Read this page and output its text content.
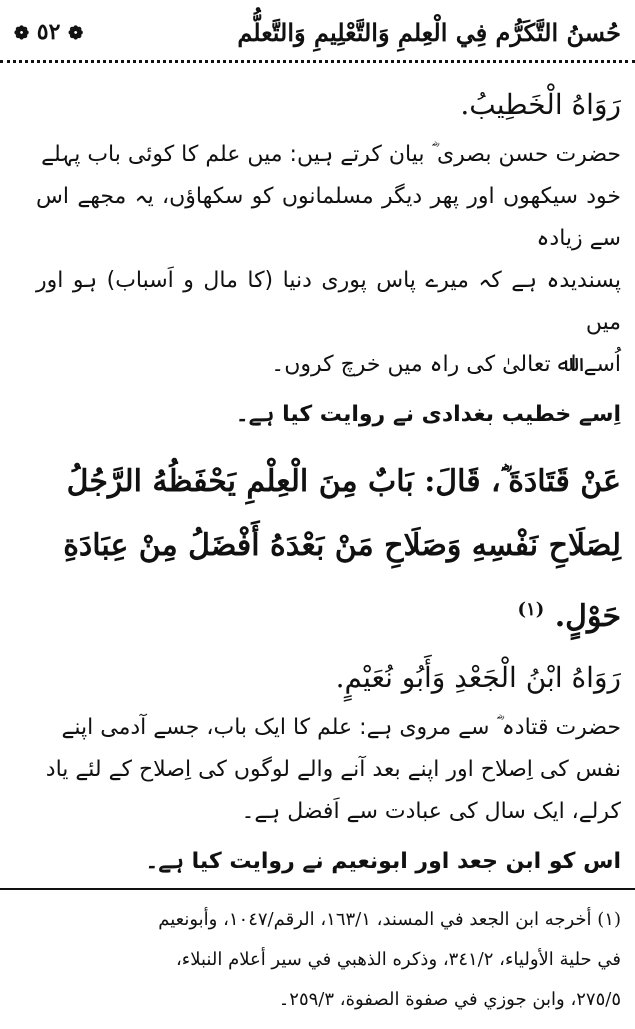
حُسنُ التَّكَرُّم فِي الْعِلمِ وَالتَّعْلِيمِ وَالتَّعلُّم
❁ ٥٢ ❁

رَوَاهُ الْخَطِيبُ.

حضرت حسن بصری ؓ بیان کرتے ہیں: میں علم کا کوئی باب پہلے
خود سیکھوں اور پھر دیگر مسلمانوں کو سکھاؤں، یہ مجھے اس سے زیادہ
پسندیدہ ہے کہ میرے پاس پوری دنیا (کا مال و اَسباب) ہو اور میں
اُسے اﷲ تعالیٰ کی راہ میں خرچ کروں۔

اِسے خطیب بغدادی نے روایت کیا ہے۔

عَنْ قَتَادَةَ ؓ، قَالَ: بَابٌ مِنَ الْعِلْمِ يَحْفَظُهُ الرَّجُلُ
لِصَلَاحِ نَفْسِهِ وَصَلَاحِ مَنْ بَعْدَهُ أَفْضَلُ مِنْ عِبَادَةِ
حَوْلٍ. $^{(١)}$

رَوَاهُ ابْنُ الْجَعْدِ وَأَبُو نُعَيْمٍ.

حضرت قتادہ ؓ سے مروی ہے: علم کا ایک باب، جسے آدمی اپنے
نفس کی اِصلاح اور اپنے بعد آنے والے لوگوں کی اِصلاح کے لئے یاد
کرلے، ایک سال کی عبادت سے اَفضل ہے۔

اس کو ابن جعد اور ابونعیم نے روایت کیا ہے۔

(١) أخرجه ابن الجعد في المسند، ١٦٣/١، الرقم/١٠٤٧، وأبونعيم
في حلية الأولياء، ٣٤١/٢، وذكره الذهبي في سير أعلام النبلاء،
٢٧٥/٥، وابن جوزي في صفوة الصفوة، ٢٥٩/٣۔
